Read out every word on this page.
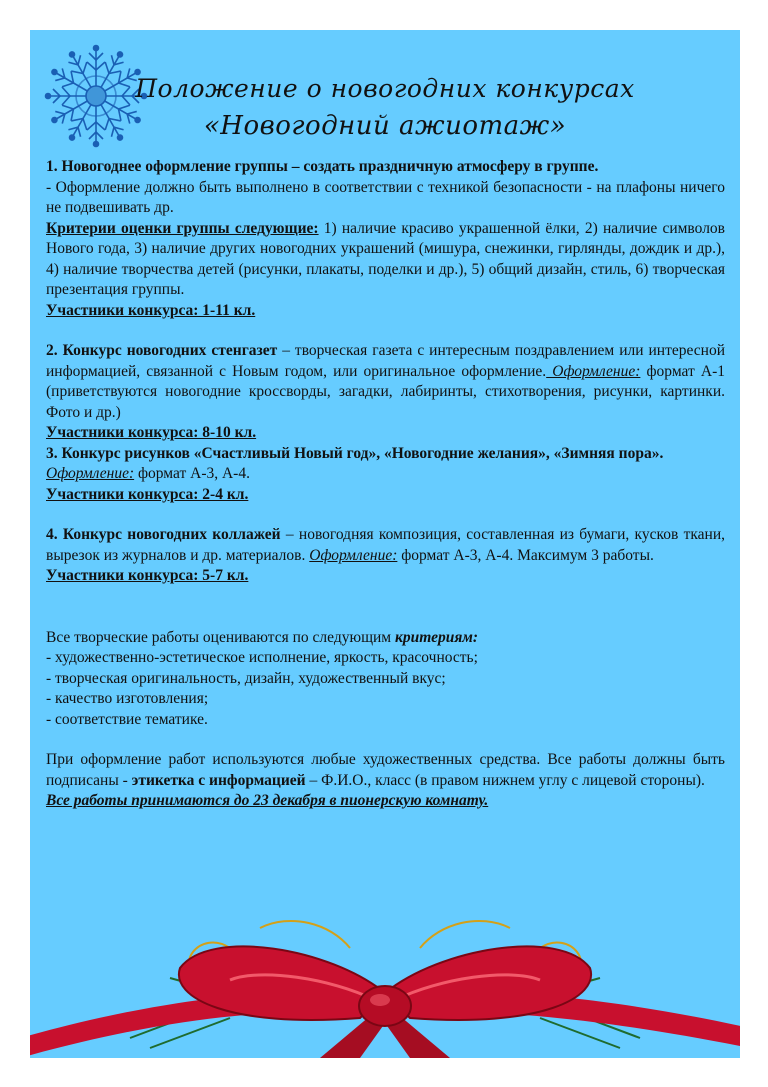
Положение о новогодних конкурсах
«Новогодний ажиотаж»

1. Новогоднее оформление группы – создать праздничную атмосферу в группе.
- Оформление должно быть выполнено в соответствии с техникой безопасности - на плафоны ничего не подвешивать др.
Критерии оценки группы следующие: 1) наличие красиво украшенной ёлки, 2) наличие символов Нового года, 3) наличие других новогодних украшений (мишура, снежинки, гирлянды, дождик и др.), 4) наличие творчества детей (рисунки, плакаты, поделки и др.), 5) общий дизайн, стиль, 6) творческая презентация группы.
Участники конкурса: 1-11 кл.

2. Конкурс новогодних стенгазет – творческая газета с интересным поздравлением или интересной информацией, связанной с Новым годом, или оригинальное оформление. Оформление: формат А-1 (приветствуются новогодние кроссворды, загадки, лабиринты, стихотворения, рисунки, картинки. Фото и др.)
Участники конкурса: 8-10 кл.

3. Конкурс рисунков «Счастливый Новый год», «Новогодние желания», «Зимняя пора».
Оформление: формат А-3, А-4.
Участники конкурса: 2-4 кл.

4. Конкурс новогодних коллажей – новогодняя композиция, составленная из бумаги, кусков ткани, вырезок из журналов и др. материалов. Оформление: формат А-3, А-4. Максимум 3 работы.
Участники конкурса: 5-7 кл.

Все творческие работы оцениваются по следующим критериям:
- художественно-эстетическое исполнение, яркость, красочность;
- творческая оригинальность, дизайн, художественный вкус;
- качество изготовления;
- соответствие тематике.

При оформление работ используются любые художественных средства. Все работы должны быть подписаны - этикетка с информацией – Ф.И.О., класс (в правом нижнем углу с лицевой стороны).
Все работы принимаются до 23 декабря в пионерскую комнату.
